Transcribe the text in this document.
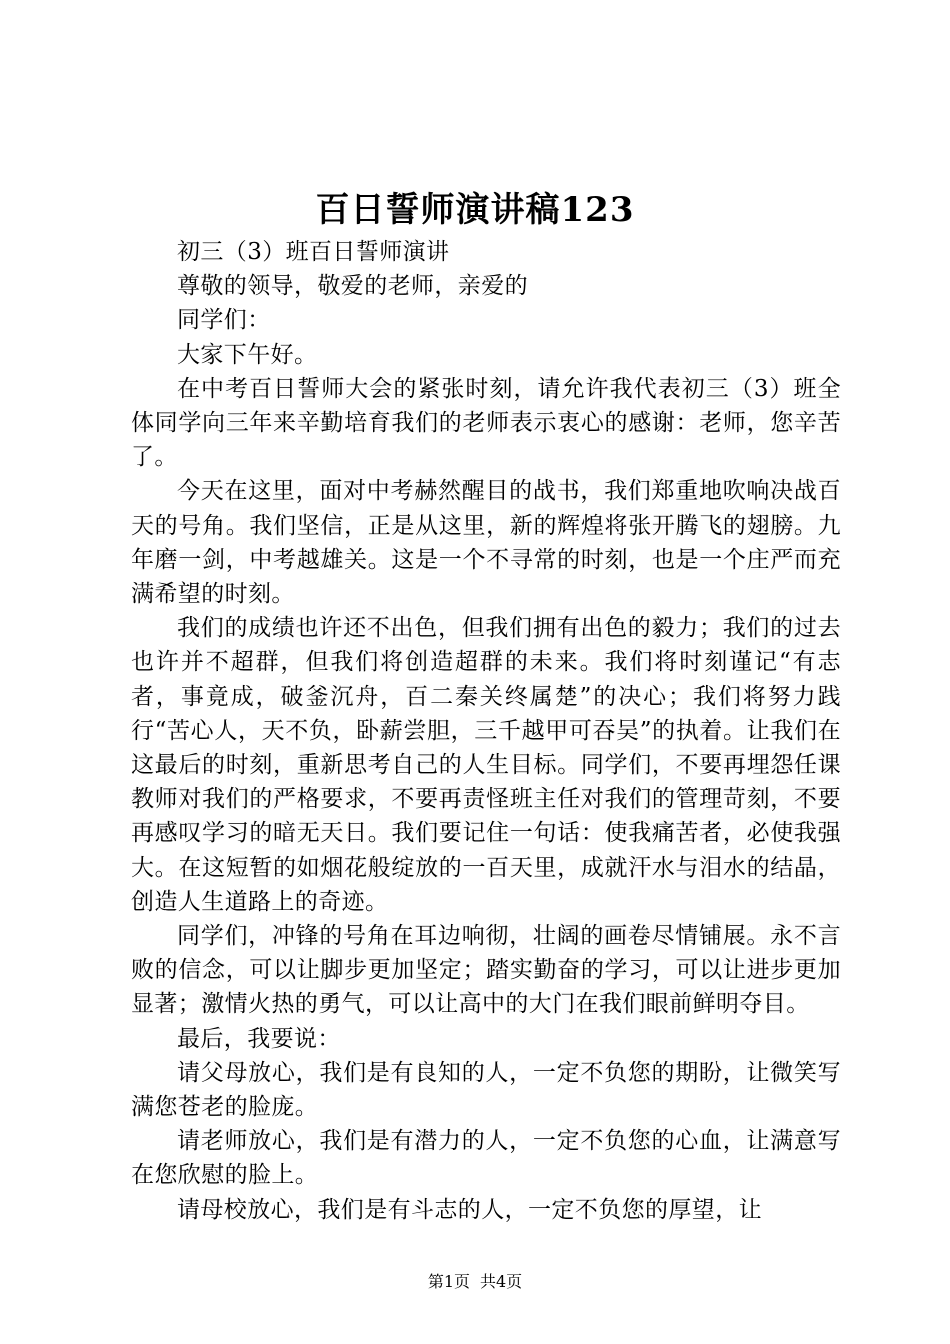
百日誓师演讲稿123

初三（3）班百日誓师演讲

尊敬的领导，敬爱的老师，亲爱的

同学们：

大家下午好。

在中考百日誓师大会的紧张时刻，请允许我代表初三（3）班全体同学向三年来辛勤培育我们的老师表示衷心的感谢：老师，您辛苦了。

今天在这里，面对中考赫然醒目的战书，我们郑重地吹响决战百天的号角。我们坚信，正是从这里，新的辉煌将张开腾飞的翅膀。九年磨一剑，中考越雄关。这是一个不寻常的时刻，也是一个庄严而充满希望的时刻。

我们的成绩也许还不出色，但我们拥有出色的毅力；我们的过去也许并不超群，但我们将创造超群的未来。我们将时刻谨记“有志者，事竟成，破釜沉舟，百二秦关终属楚”的决心；我们将努力践行“苦心人，天不负，卧薪尝胆，三千越甲可吞吴”的执着。让我们在这最后的时刻，重新思考自己的人生目标。同学们，不要再埋怨任课教师对我们的严格要求，不要再责怪班主任对我们的管理苛刻，不要再感叹学习的暗无天日。我们要记住一句话：使我痛苦者，必使我强大。在这短暂的如烟花般绽放的一百天里，成就汗水与泪水的结晶，创造人生道路上的奇迹。

同学们，冲锋的号角在耳边响彻，壮阔的画卷尽情铺展。永不言败的信念，可以让脚步更加坚定；踏实勤奋的学习，可以让进步更加显著；激情火热的勇气，可以让高中的大门在我们眼前鲜明夺目。

最后，我要说：

请父母放心，我们是有良知的人，一定不负您的期盼，让微笑写满您苍老的脸庞。

请老师放心，我们是有潜力的人，一定不负您的心血，让满意写在您欣慰的脸上。

请母校放心，我们是有斗志的人，一定不负您的厚望，让

第1页 共4页
